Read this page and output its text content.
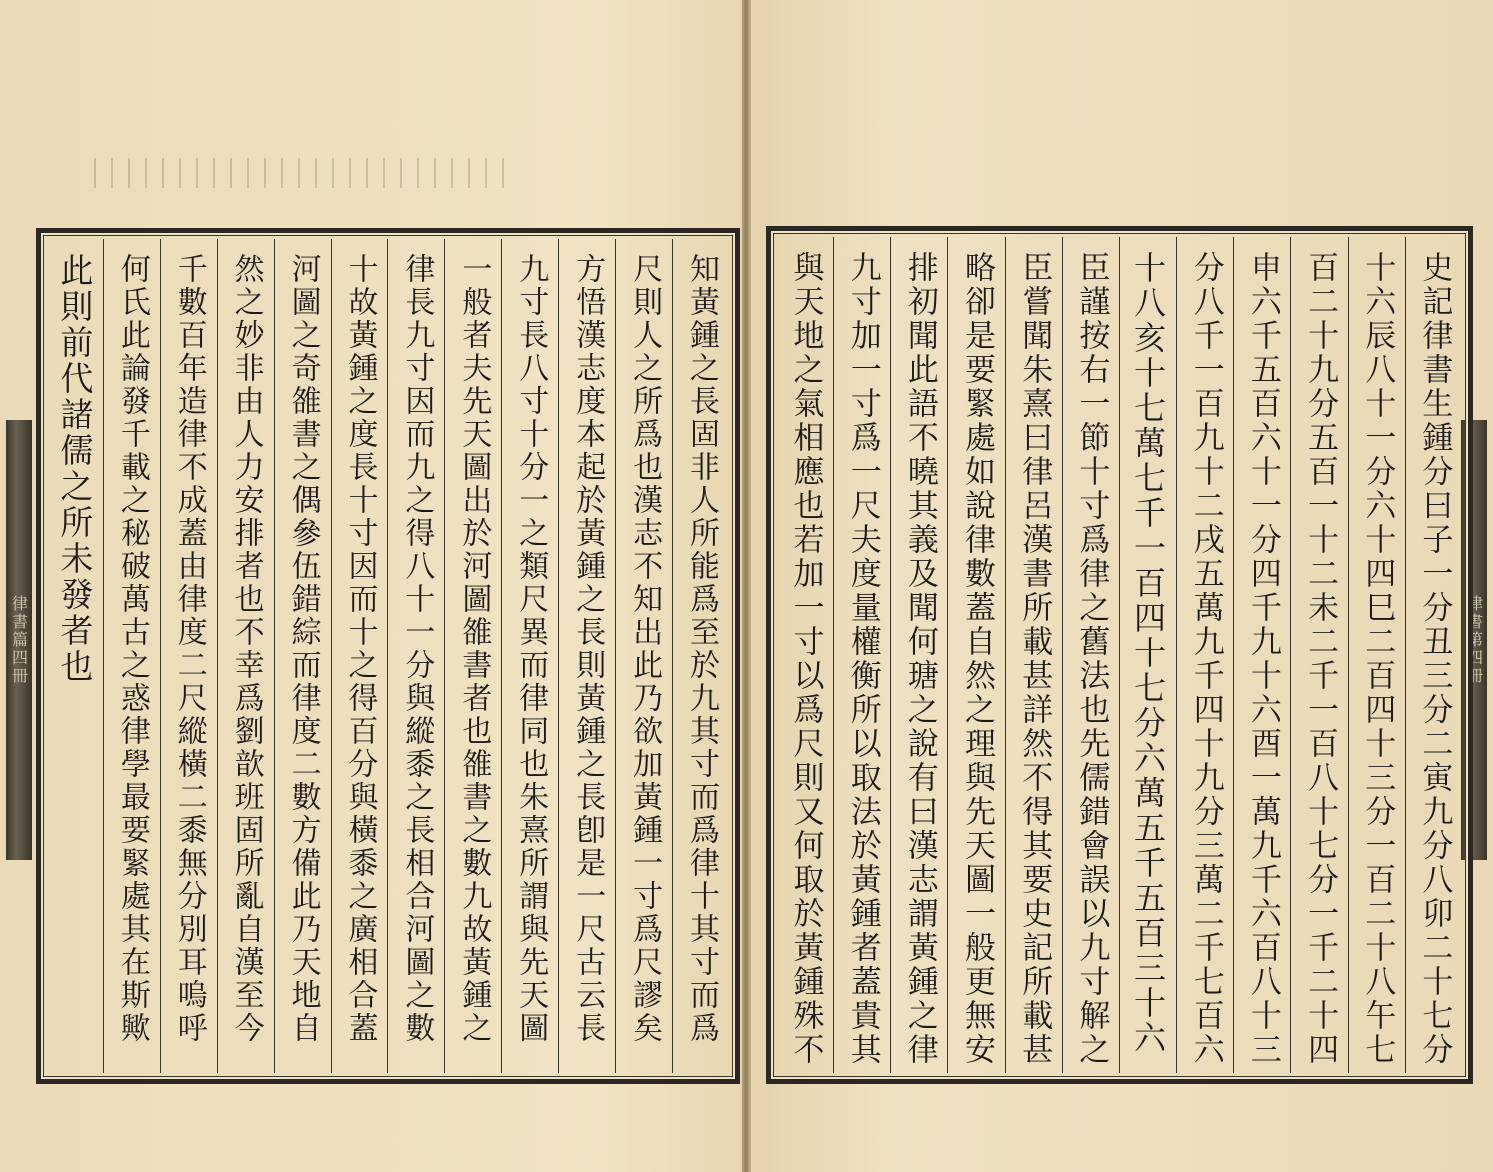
律書篇四冊	知黃鍾之長固非人所能爲至於九其寸而爲律十其寸而爲
尺則人之所爲也漢志不知出此乃欲加黃鍾一寸爲尺謬矣
方悟漢志度本起於黃鍾之長則黃鍾之長卽是一尺古云長
九寸長八寸十分一之類尺異而律同也朱熹所謂與先天圖
一般者夫先天圖出於河圖雒書者也雒書之數九故黃鍾之
律長九寸因而九之得八十一分與縱黍之長相合河圖之數
十故黃鍾之度長十寸因而十之得百分與橫黍之廣相合蓋
河圖之奇雒書之偶參伍錯綜而律度二數方備此乃天地自
然之妙非由人力安排者也不幸爲劉歆班固所亂自漢至今
千數百年造律不成蓋由律度二尺縱橫二黍無分別耳嗚呼
何氏此論發千載之秘破萬古之惑律學最要緊處其在斯歟
此則前代諸儒之所未發者也	律書第四冊
史記律書生鍾分曰子一分丑三分二寅九分八卯二十七分
十六辰八十一分六十四巳二百四十三分一百二十八午七
百二十九分五百一十二未二千一百八十七分一千二十四
申六千五百六十一分四千九十六酉一萬九千六百八十三
分八千一百九十二戌五萬九千四十九分三萬二千七百六
十八亥十七萬七千一百四十七分六萬五千五百三十六
臣謹按右一節十寸爲律之舊法也先儒錯會誤以九寸解之
臣嘗聞朱熹曰律呂漢書所載甚詳然不得其要史記所載甚
略卻是要緊處如說律數蓋自然之理與先天圖一般更無安
排初聞此語不曉其義及聞何瑭之說有曰漢志謂黃鍾之律
九寸加一寸爲一尺夫度量權衡所以取法於黃鍾者蓋貴其
與天地之氣相應也若加一寸以爲尺則又何取於黃鍾殊不
